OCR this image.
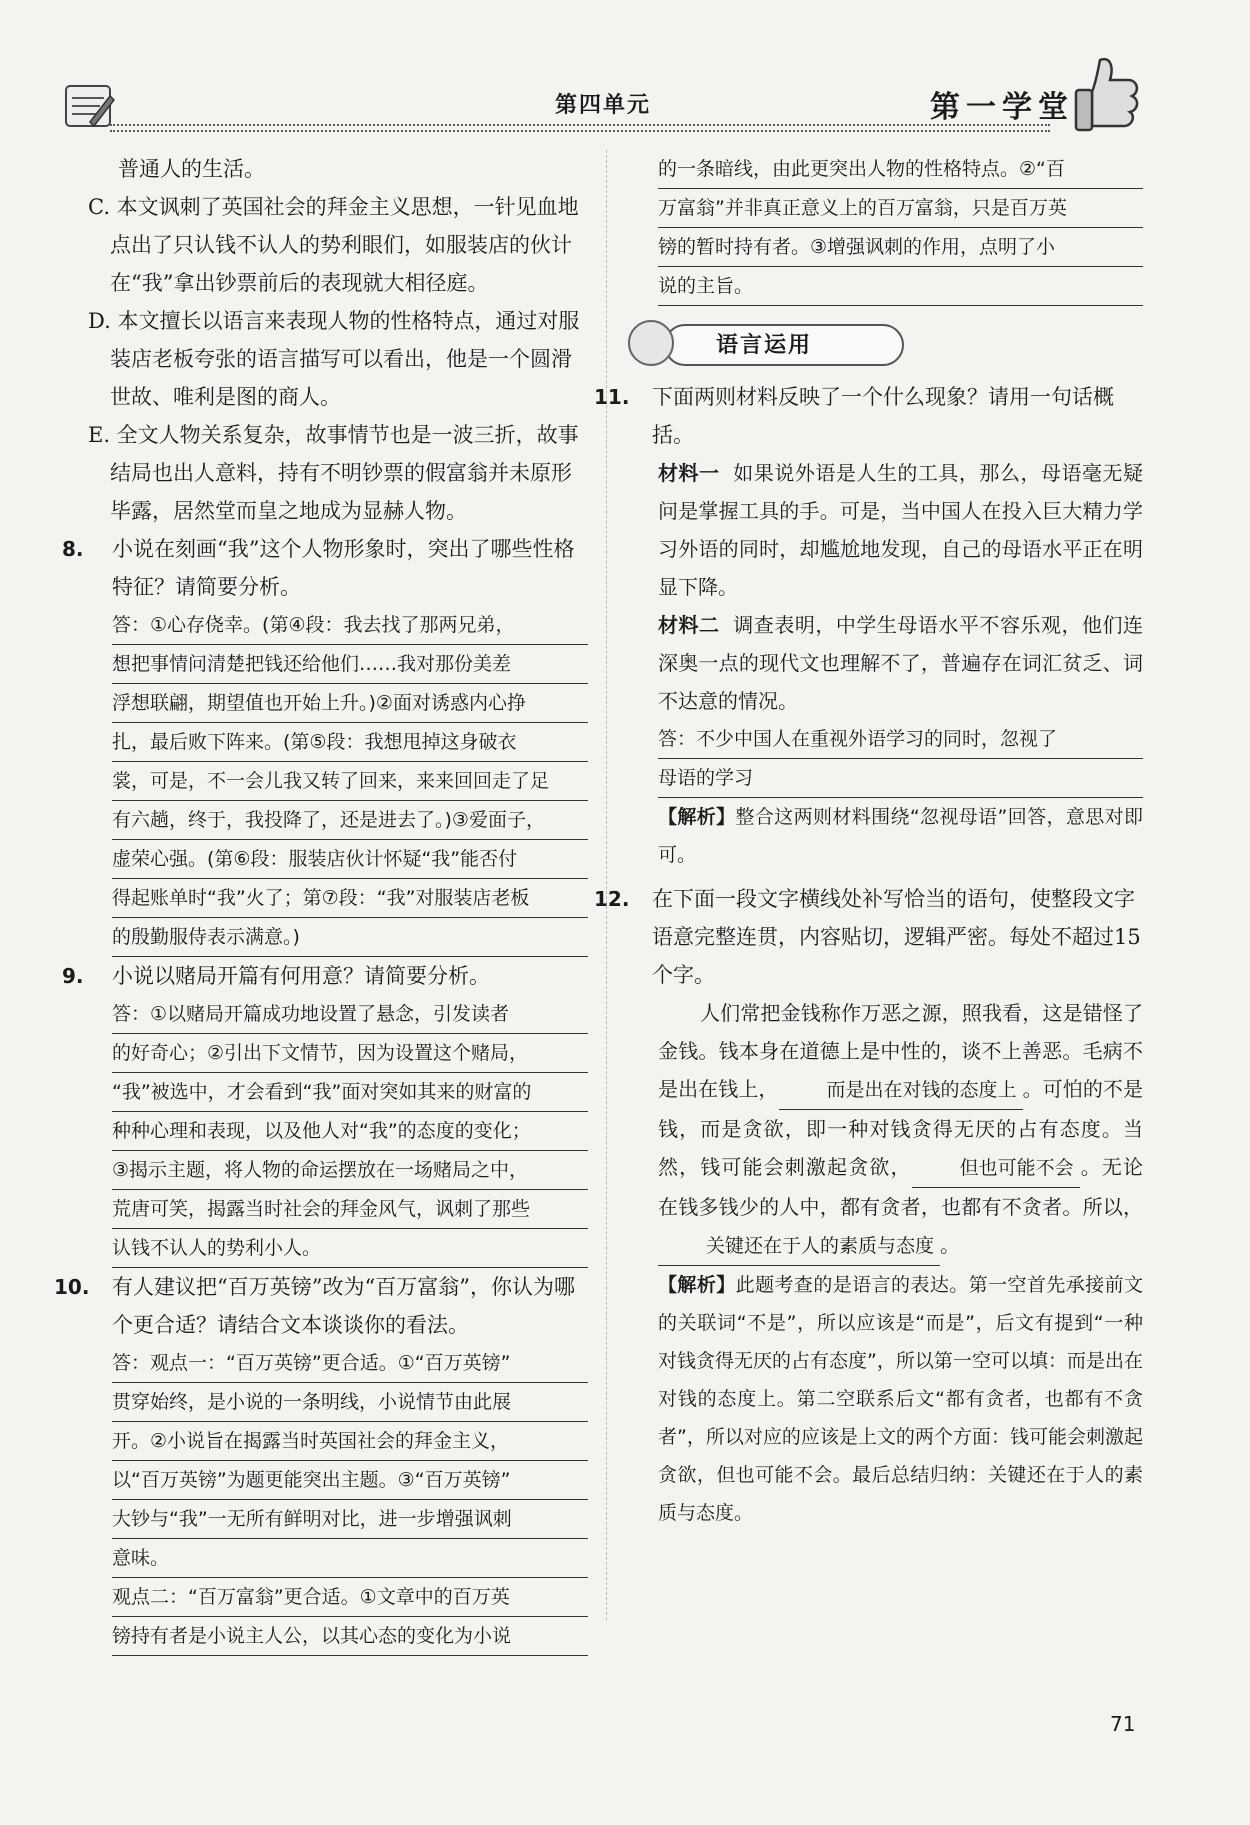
第四单元	第一学堂
普通人的生活。
C. 本文讽刺了英国社会的拜金主义思想，一针见血地点出了只认钱不认人的势利眼们，如服装店的伙计在“我”拿出钞票前后的表现就大相径庭。
D. 本文擅长以语言来表现人物的性格特点，通过对服装店老板夸张的语言描写可以看出，他是一个圆滑世故、唯利是图的商人。
E. 全文人物关系复杂，故事情节也是一波三折，故事结局也出人意料，持有不明钞票的假富翁并未原形毕露，居然堂而皇之地成为显赫人物。
8. 小说在刻画“我”这个人物形象时，突出了哪些性格特征？请简要分析。
答：①心存侥幸。(第④段：我去找了那两兄弟，
想把事情问清楚把钱还给他们……我对那份美差
浮想联翩，期望值也开始上升。)②面对诱惑内心挣
扎，最后败下阵来。(第⑤段：我想甩掉这身破衣
裳，可是，不一会儿我又转了回来，来来回回走了足
有六趟，终于，我投降了，还是进去了。)③爱面子，
虚荣心强。(第⑥段：服装店伙计怀疑“我”能否付
得起账单时“我”火了；第⑦段：“我”对服装店老板
的殷勤服侍表示满意。)
9. 小说以赌局开篇有何用意？请简要分析。
答：①以赌局开篇成功地设置了悬念，引发读者
的好奇心；②引出下文情节，因为设置这个赌局，
“我”被选中，才会看到“我”面对突如其来的财富的
种种心理和表现，以及他人对“我”的态度的变化；
③揭示主题，将人物的命运摆放在一场赌局之中，
荒唐可笑，揭露当时社会的拜金风气，讽刺了那些
认钱不认人的势利小人。
10. 有人建议把“百万英镑”改为“百万富翁”，你认为哪个更合适？请结合文本谈谈你的看法。
答：观点一：“百万英镑”更合适。①“百万英镑”
贯穿始终，是小说的一条明线，小说情节由此展
开。②小说旨在揭露当时英国社会的拜金主义，
以“百万英镑”为题更能突出主题。③“百万英镑”
大钞与“我”一无所有鲜明对比，进一步增强讽刺
意味。
观点二：“百万富翁”更合适。①文章中的百万英
镑持有者是小说主人公，以其心态的变化为小说
的一条暗线，由此更突出人物的性格特点。②“百
万富翁”并非真正意义上的百万富翁，只是百万英
镑的暂时持有者。③增强讽刺的作用，点明了小
说的主旨。
语言运用
11. 下面两则材料反映了一个什么现象？请用一句话概括。
材料一 如果说外语是人生的工具，那么，母语毫无疑问是掌握工具的手。可是，当中国人在投入巨大精力学习外语的同时，却尴尬地发现，自己的母语水平正在明显下降。
材料二 调查表明，中学生母语水平不容乐观，他们连深奥一点的现代文也理解不了，普遍存在词汇贫乏、词不达意的情况。
答：不少中国人在重视外语学习的同时，忽视了
母语的学习
【解析】整合这两则材料围绕“忽视母语”回答，意思对即可。
12. 在下面一段文字横线处补写恰当的语句，使整段文字语意完整连贯，内容贴切，逻辑严密。每处不超过15个字。
人们常把金钱称作万恶之源，照我看，这是错怪了金钱。钱本身在道德上是中性的，谈不上善恶。毛病不是出在钱上，	而是出在对钱的态度上 。可怕的不是钱，而是贪欲，即一种对钱贪得无厌的占有态度。当然，钱可能会刺激起贪欲，	但也可能不会 。无论在钱多钱少的人中，都有贪者，也都有不贪者。所以，关键还在于人的素质与态度 。
【解析】此题考查的是语言的表达。第一空首先承接前文的关联词“不是”，所以应该是“而是”，后文有提到“一种对钱贪得无厌的占有态度”，所以第一空可以填：而是出在对钱的态度上。第二空联系后文“都有贪者，也都有不贪者”，所以对应的应该是上文的两个方面：钱可能会刺激起贪欲，但也可能不会。最后总结归纳：关键还在于人的素质与态度。
71
